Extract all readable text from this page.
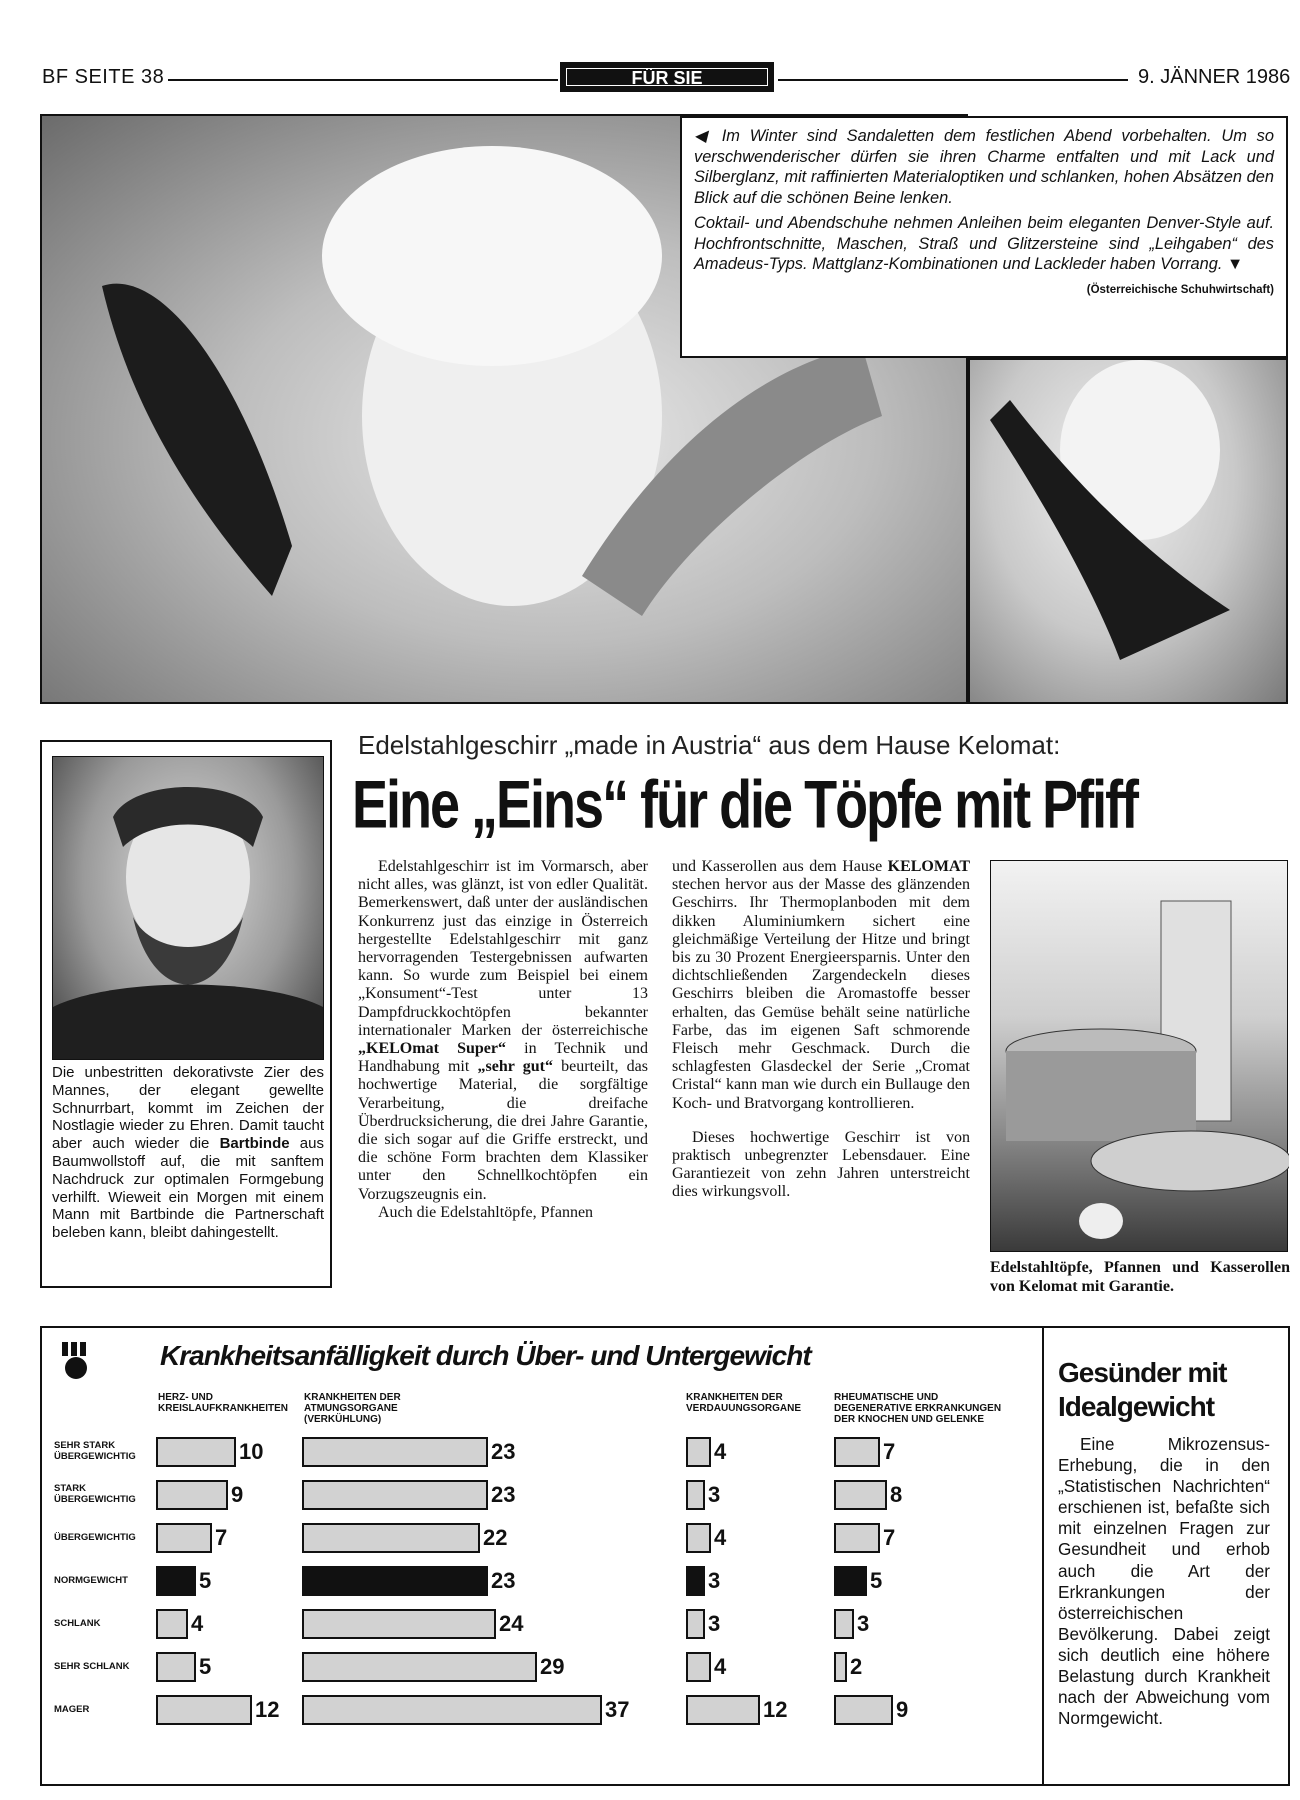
BF SEITE 38	FÜR SIE	9. JÄNNER 1986

◀ Im Winter sind Sandaletten dem festlichen Abend vorbehalten. Um so verschwenderischer dürfen sie ihren Charme entfalten und mit Lack und Silberglanz, mit raffinierten Materialoptiken und schlanken, hohen Absätzen den Blick auf die schönen Beine lenken.

Coktail- und Abendschuhe nehmen Anleihen beim eleganten Denver-Style auf. Hochfrontschnitte, Maschen, Straß und Glitzersteine sind „Leihgaben“ des Amadeus-Typs. Mattglanz-Kombinationen und Lackleder haben Vorrang. ▼

(Österreichische Schuhwirtschaft)
Die unbestritten dekorativste Zier des Mannes, der elegant gewellte Schnurrbart, kommt im Zeichen der Nostlagie wieder zu Ehren. Damit taucht aber auch wieder die Bartbinde aus Baumwollstoff auf, die mit sanftem Nachdruck zur optimalen Formgebung verhilft. Wieweit ein Morgen mit einem Mann mit Bartbinde die Partnerschaft beleben kann, bleibt dahingestellt.
Edelstahlgeschirr „made in Austria“ aus dem Hause Kelomat:
Eine „Eins“ für die Töpfe mit Pfiff

Edelstahlgeschirr ist im Vormarsch, aber nicht alles, was glänzt, ist von edler Qualität. Bemerkenswert, daß unter der ausländischen Konkurrenz just das einzige in Österreich hergestellte Edelstahlgeschirr mit ganz hervorragenden Testergebnissen aufwarten kann. So wurde zum Beispiel bei einem „Konsument“-Test unter 13 Dampfdruckkochtöpfen bekannter internationaler Marken der österreichische „KELOmat Super“ in Technik und Handhabung mit „sehr gut“ beurteilt, das hochwertige Material, die sorgfältige Verarbeitung, die dreifache Überdrucksicherung, die drei Jahre Garantie, die sich sogar auf die Griffe erstreckt, und die schöne Form brachten dem Klassiker unter den Schnellkochtöpfen ein Vorzugszeugnis ein.

Auch die Edelstahltöpfe, Pfannen

und Kasserollen aus dem Hause KELOMAT stechen hervor aus der Masse des glänzenden Geschirrs. Ihr Thermoplanboden mit dem dikken Aluminiumkern sichert eine gleichmäßige Verteilung der Hitze und bringt bis zu 30 Prozent Energieersparnis. Unter den dichtschließenden Zargendeckeln dieses Geschirrs bleiben die Aromastoffe besser erhalten, das Gemüse behält seine natürliche Farbe, das im eigenen Saft schmorende Fleisch mehr Geschmack. Durch die schlagfesten Glasdeckel der Serie „Cromat Cristal“ kann man wie durch ein Bullauge den Koch- und Bratvorgang kontrollieren.

Dieses hochwertige Geschirr ist von praktisch unbegrenzter Lebensdauer. Eine Garantiezeit von zehn Jahren unterstreicht dies wirkungsvoll.

Edelstahltöpfe, Pfannen und Kasserollen von Kelomat mit Garantie.
Krankheitsanfälligkeit durch Über- und Untergewicht
HERZ- UND KREISLAUFKRANKHEITEN
KRANKHEITEN DER ATMUNGSORGANE (VERKÜHLUNG)
KRANKHEITEN DER VERDAUUNGSORGANE
RHEUMATISCHE UND DEGENERATIVE ERKRANKUNGEN DER KNOCHEN UND GELENKE
SEHR STARK ÜBERGEWICHTIG	10	23	4	7
STARK ÜBERGEWICHTIG	9	23	3	8
ÜBERGEWICHTIG	7	22	4	7
NORMGEWICHT	5	23	3	5
SCHLANK	4	24	3	3
SEHR SCHLANK	5	29	4	2
MAGER	12	37	12	9
Gesünder mit Idealgewicht
Eine Mikrozensus-Erhebung, die in den „Statistischen Nachrichten“ erschienen ist, befaßte sich mit einzelnen Fragen zur Gesundheit und erhob auch die Art der Erkrankungen der österreichischen Bevölkerung. Dabei zeigt sich deutlich eine höhere Belastung durch Krankheit nach der Abweichung vom Normgewicht.
